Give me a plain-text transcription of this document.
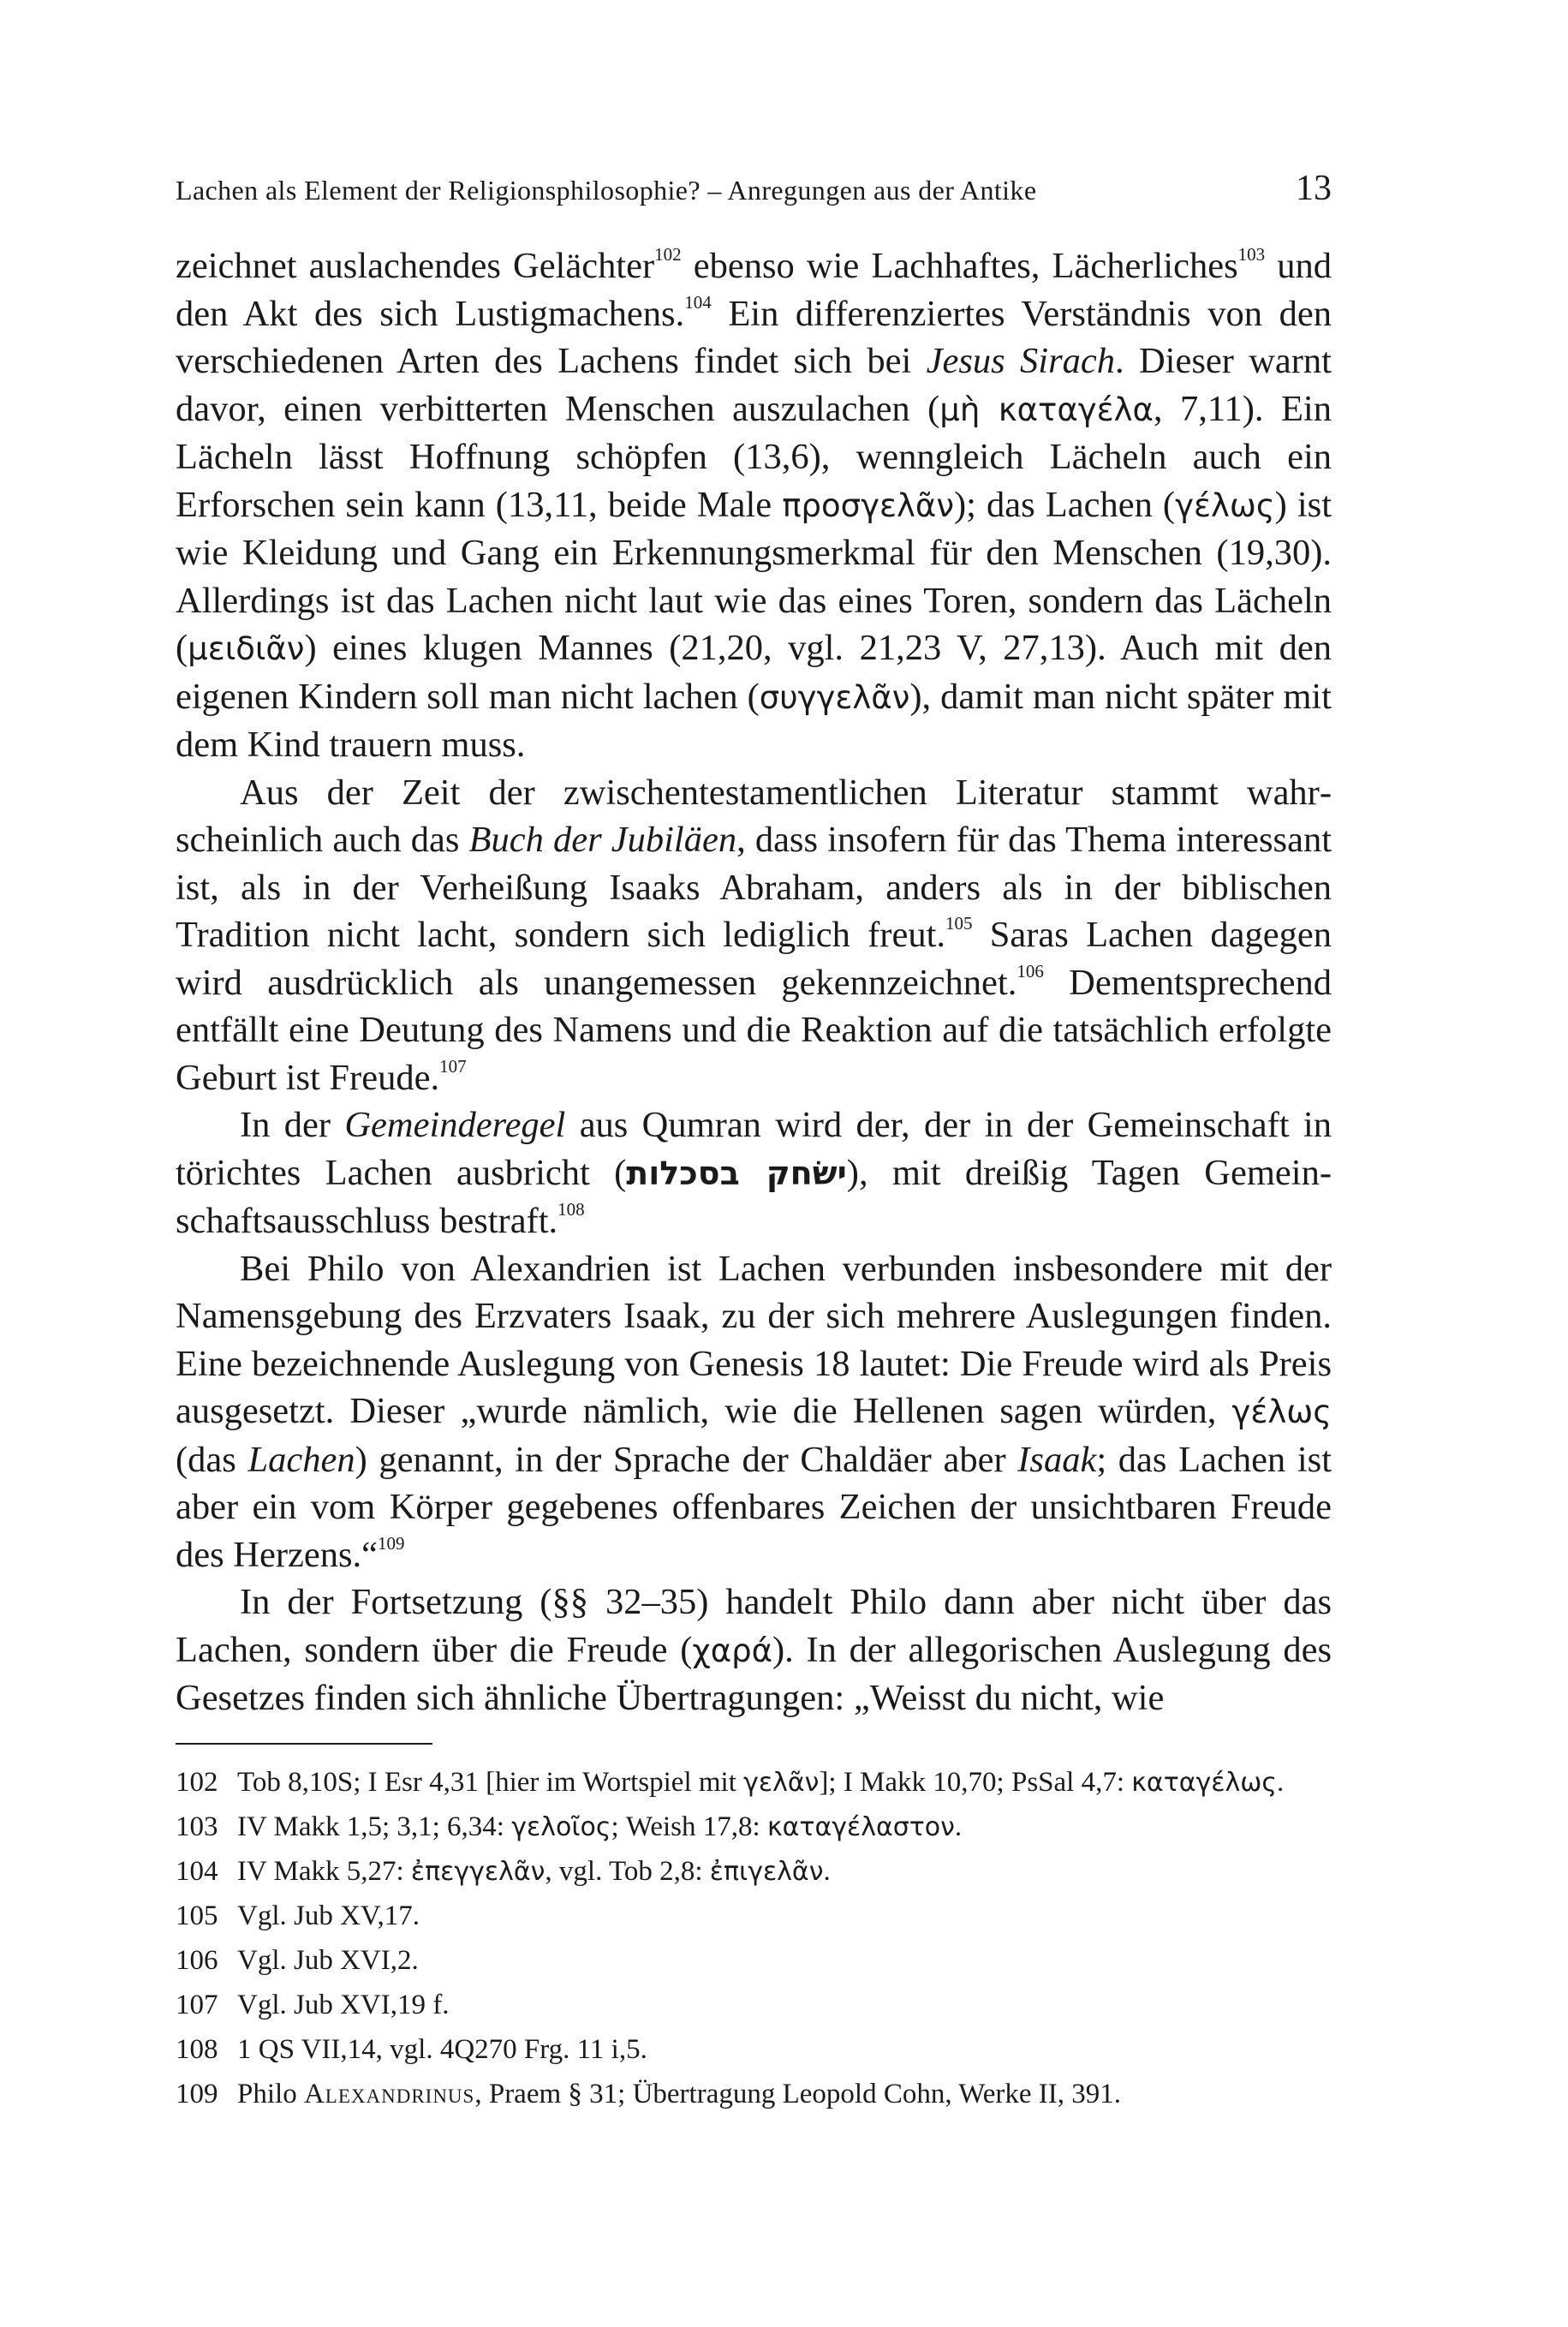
Lachen als Element der Religionsphilosophie? – Anregungen aus der Antike	13

zeichnet auslachendes Gelächter$^{102}$ ebenso wie Lachhaftes, Lächerliches$^{103}$ und den Akt des sich Lustigmachens.$^{104}$ Ein differenziertes Verständnis von den verschiedenen Arten des Lachens findet sich bei Jesus Sirach. Dieser warnt davor, einen verbitterten Menschen auszulachen (μὴ καταγέλα, 7,11). Ein Lächeln lässt Hoffnung schöpfen (13,6), wenngleich Lächeln auch ein Erforschen sein kann (13,11, beide Male προσγελᾶν); das Lachen (γέλως) ist wie Kleidung und Gang ein Erkennungsmerkmal für den Menschen (19,30). Allerdings ist das Lachen nicht laut wie das eines Toren, sondern das Lächeln (μειδιᾶν) eines klugen Mannes (21,20, vgl. 21,23 V, 27,13). Auch mit den eigenen Kindern soll man nicht lachen (συγγελᾶν), damit man nicht später mit dem Kind trauern muss.

Aus der Zeit der zwischentestamentlichen Literatur stammt wahrscheinlich auch das Buch der Jubiläen, dass insofern für das Thema interessant ist, als in der Verheißung Isaaks Abraham, anders als in der biblischen Tradition nicht lacht, sondern sich lediglich freut.$^{105}$ Saras Lachen dagegen wird ausdrücklich als unangemessen gekennzeichnet.$^{106}$ Dementsprechend entfällt eine Deutung des Namens und die Reaktion auf die tatsächlich erfolgte Geburt ist Freude.$^{107}$

In der Gemeinderegel aus Qumran wird der, der in der Gemeinschaft in törichtes Lachen ausbricht (ישׂחק בסכלות), mit dreißig Tagen Gemeinschaftsausschluss bestraft.$^{108}$

Bei Philo von Alexandrien ist Lachen verbunden insbesondere mit der Namensgebung des Erzvaters Isaak, zu der sich mehrere Auslegungen finden. Eine bezeichnende Auslegung von Genesis 18 lautet: Die Freude wird als Preis ausgesetzt. Dieser „wurde nämlich, wie die Hellenen sagen würden, γέλως (das Lachen) genannt, in der Sprache der Chaldäer aber Isaak; das Lachen ist aber ein vom Körper gegebenes offenbares Zeichen der unsichtbaren Freude des Herzens.“$^{109}$

In der Fortsetzung (§§ 32–35) handelt Philo dann aber nicht über das Lachen, sondern über die Freude (χαρά). In der allegorischen Auslegung des Gesetzes finden sich ähnliche Übertragungen: „Weisst du nicht, wie

102 Tob 8,10S; I Esr 4,31 [hier im Wortspiel mit γελᾶν]; I Makk 10,70; PsSal 4,7: καταγέλως.
103 IV Makk 1,5; 3,1; 6,34: γελοῖος; Weish 17,8: καταγέλαστον.
104 IV Makk 5,27: ἐπεγγελᾶν, vgl. Tob 2,8: ἐπιγελᾶν.
105 Vgl. Jub XV,17.
106 Vgl. Jub XVI,2.
107 Vgl. Jub XVI,19 f.
108 1 QS VII,14, vgl. 4Q270 Frg. 11 i,5.
109 Philo Alexandrinus, Praem § 31; Übertragung Leopold Cohn, Werke II, 391.
